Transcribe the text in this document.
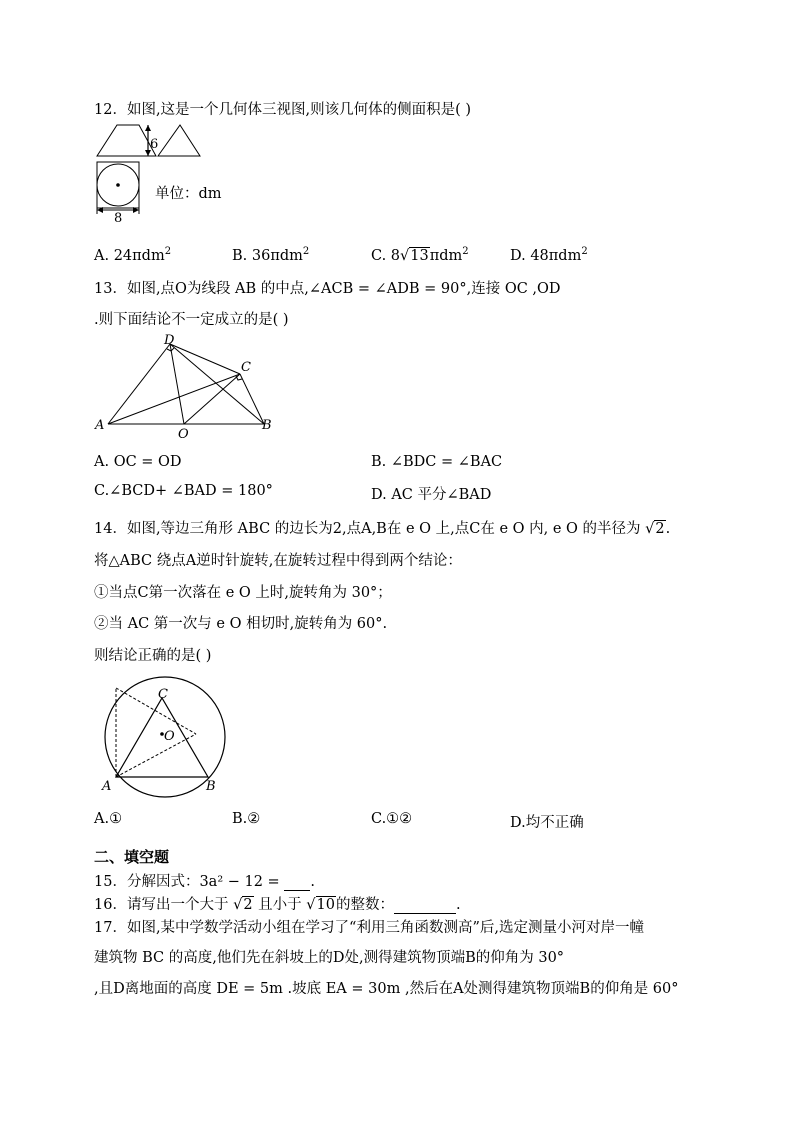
12．如图,这是一个几何体三视图,则该几何体的侧面积是( )
6
8
单位：dm
A. 24πdm$^2$	B. 36πdm$^2$	C. 8√13πdm$^2$	D. 48πdm$^2$
13．如图,点O为线段 AB 的中点,∠ACB = ∠ADB = 90°,连接 OC ,OD
.则下面结论不一定成立的是( )
D
C
A
O
B
A. OC = OD	B. ∠BDC = ∠BAC
C.∠BCD+ ∠BAD = 180°	D. AC 平分∠BAD
14．如图,等边三角形 ABC 的边长为2,点A,B在 e O 上,点C在 e O 内, e O 的半径为 √2.
将△ABC 绕点A逆时针旋转,在旋转过程中得到两个结论：
①当点C第一次落在 e O 上时,旋转角为 30°；
②当 AC 第一次与 e O 相切时,旋转角为 60°.
则结论正确的是( )
C
O
A	B
A.①	B.②	C.①②	D.均不正确
二、填空题
15．分解因式：3a² − 12 = .
16．请写出一个大于 √2 且小于 √10的整数：	.
17．如图,某中学数学活动小组在学习了“利用三角函数测高”后,选定测量小河对岸一幢
建筑物 BC 的高度,他们先在斜坡上的D处,测得建筑物顶端B的仰角为 30°
,且D离地面的高度 DE = 5m .坡底 EA = 30m ,然后在A处测得建筑物顶端B的仰角是 60°
